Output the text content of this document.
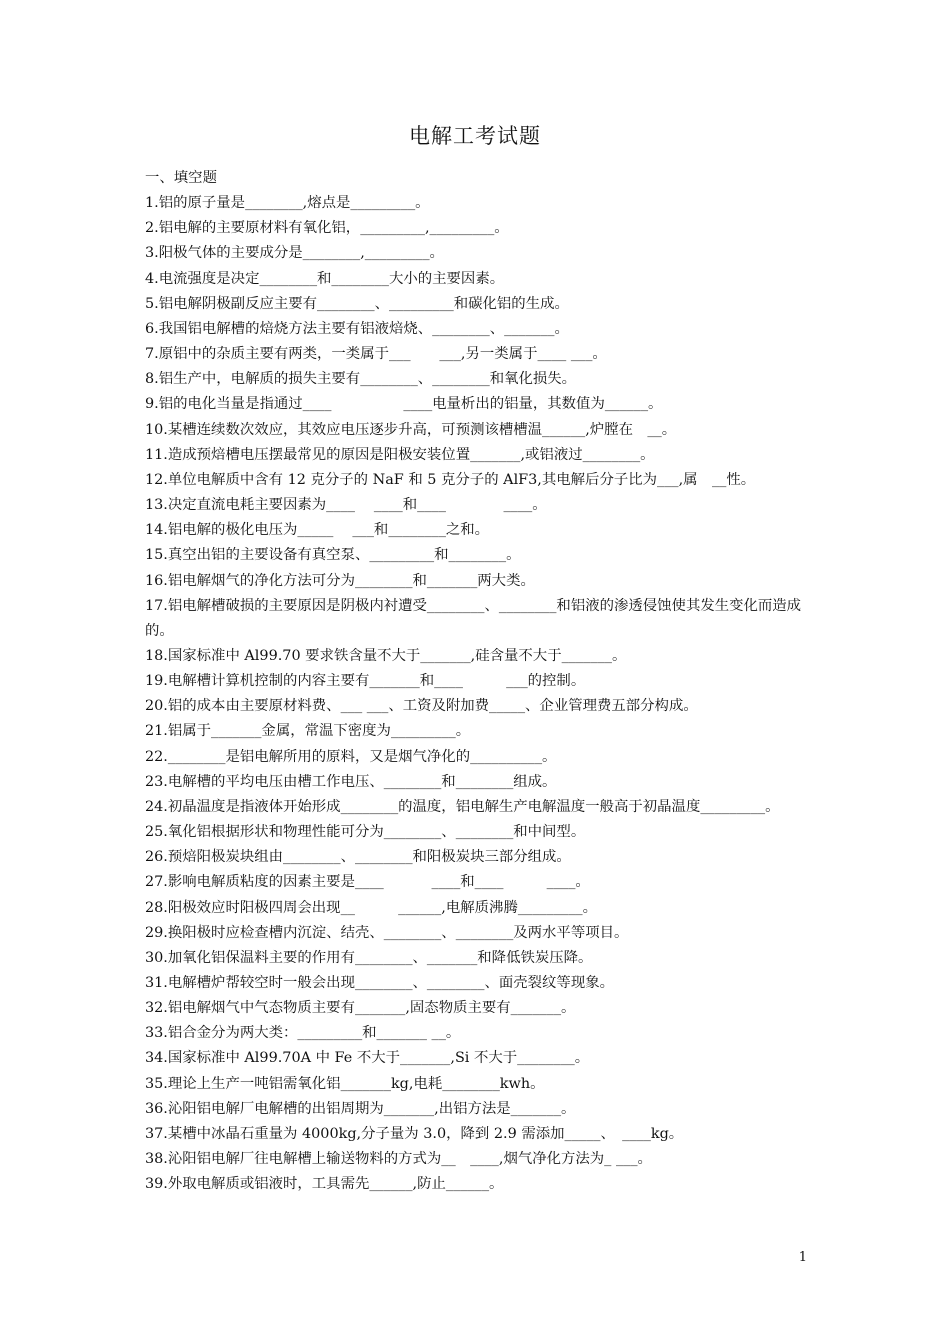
电解工考试题
一、填空题
1.铝的原子量是________,熔点是_________。
2.铝电解的主要原材料有氧化铝，_________,_________。
3.阳极气体的主要成分是________,_________。
4.电流强度是决定________和________大小的主要因素。
5.铝电解阴极副反应主要有________、_________和碳化铝的生成。
6.我国铝电解槽的焙烧方法主要有铝液焙烧、________、_______。
7.原铝中的杂质主要有两类，一类属于___　　___,另一类属于____ ___。
8.铝生产中，电解质的损失主要有________、________和氧化损失。
9.铝的电化当量是指通过____　　　　　____电量析出的铝量，其数值为______。
10.某槽连续数次效应，其效应电压逐步升高，可预测该槽槽温______,炉膛在　__。
11.造成预焙槽电压摆最常见的原因是阳极安装位置_______,或铝液过________。
12.单位电解质中含有 12 克分子的 NaF 和 5 克分子的 AlF3,其电解后分子比为___,属　__性。
13.决定直流电耗主要因素为____　 ____和____　　　　____。
14.铝电解的极化电压为_____　 ___和________之和。
15.真空出铝的主要设备有真空泵、_________和________。
16.铝电解烟气的净化方法可分为________和_______两大类。
17.铝电解槽破损的主要原因是阴极内衬遭受________、________和铝液的渗透侵蚀使其发生变化而造成的。
18.国家标准中 Al99.70 要求铁含量不大于_______,硅含量不大于_______。
19.电解槽计算机控制的内容主要有_______和____　　　___的控制。
20.铝的成本由主要原材料费、___ ___、工资及附加费_____、企业管理费五部分构成。
21.铝属于_______金属，常温下密度为_________。
22.________是铝电解所用的原料，又是烟气净化的__________。
23.电解槽的平均电压由槽工作电压、________和________组成。
24.初晶温度是指液体开始形成________的温度，铝电解生产电解温度一般高于初晶温度_________。
25.氧化铝根据形状和物理性能可分为________、________和中间型。
26.预焙阳极炭块组由________、________和阳极炭块三部分组成。
27.影响电解质粘度的因素主要是____　　　 ____和____　　　____。
28.阳极效应时阳极四周会出现__　　　______,电解质沸腾_________。
29.换阳极时应检查槽内沉淀、结壳、________、________及两水平等项目。
30.加氧化铝保温料主要的作用有________、_______和降低铁炭压降。
31.电解槽炉帮较空时一般会出现________、________、面壳裂纹等现象。
32.铝电解烟气中气态物质主要有_______,固态物质主要有_______。
33.铝合金分为两大类：_________和_______ __。
34.国家标准中 Al99.70A 中 Fe 不大于_______,Si 不大于________。
35.理论上生产一吨铝需氧化铝_______kg,电耗________kwh。
36.沁阳铝电解厂电解槽的出铝周期为_______,出铝方法是_______。
37.某槽中冰晶石重量为 4000kg,分子量为 3.0，降到 2.9 需添加_____、　____kg。
38.沁阳铝电解厂往电解槽上输送物料的方式为__　____,烟气净化方法为_ ___。
39.外取电解质或铝液时，工具需先______,防止______。
1
